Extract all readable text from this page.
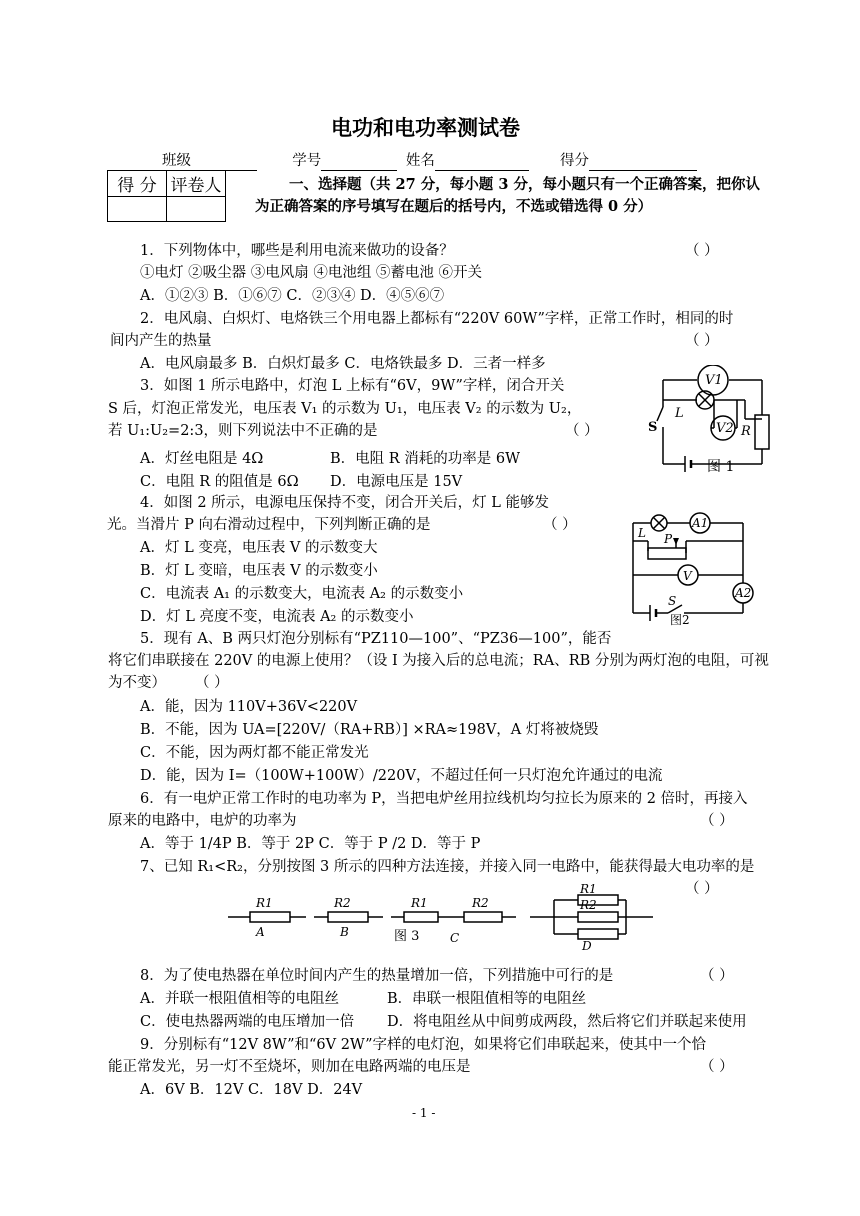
电功和电功率测试卷
班级	学号	姓名	得分
得 分	评卷人
		一、选择题（共 27 分，每小题 3 分，每小题只有一个正确答案，把你认
为正确答案的序号填写在题后的括号内，不选或错选得 0 分）
1．下列物体中，哪些是利用电流来做功的设备？	（ ）
①电灯 ②吸尘器 ③电风扇 ④电池组 ⑤蓄电池 ⑥开关
A．①②③ B．①⑥⑦ C．②③④ D．④⑤⑥⑦
2．电风扇、白炽灯、电烙铁三个用电器上都标有“220V 60W”字样，正常工作时，相同的时
间内产生的热量	（ ）
A．电风扇最多 B．白炽灯最多 C．电烙铁最多 D．三者一样多
3．如图 1 所示电路中，灯泡 L 上标有“6V，9W”字样，闭合开关
S 后，灯泡正常发光，电压表 V₁ 的示数为 U₁，电压表 V₂ 的示数为 U₂，
若 U₁:U₂=2:3，则下列说法中不正确的是	（ ）
A．灯丝电阻是 4Ω	B．电阻 R 消耗的功率是 6W
C．电阻 R 的阻值是 6Ω D．电源电压是 15V
V1
V2
L
R
S
图 1
4．如图 2 所示，电源电压保持不变，闭合开关后，灯 L 能够发
光。当滑片 P 向右滑动过程中，下列判断正确的是	（ ）
A．灯 L 变亮，电压表 V 的示数变大
B．灯 L 变暗，电压表 V 的示数变小
C．电流表 A₁ 的示数变大，电流表 A₂ 的示数变小
D．灯 L 亮度不变，电流表 A₂ 的示数变小
L P
A1
V
A2
S
图2
5．现有 A、B 两只灯泡分别标有“PZ110—100”、“PZ36—100”，能否
将它们串联接在 220V 的电源上使用？（设 I 为接入后的总电流；RA、RB 分别为两灯泡的电阻，可视
为不变） （ ）
A．能，因为 110V+36V<220V
B．不能，因为 UA=[220V/（RA+RB）] ×RA≈198V，A 灯将被烧毁
C．不能，因为两灯都不能正常发光
D．能，因为 I=（100W+100W）/220V，不超过任何一只灯泡允许通过的电流
6．有一电炉正常工作时的电功率为 P，当把电炉丝用拉线机均匀拉长为原来的 2 倍时，再接入
原来的电路中，电炉的功率为	（ ）
A．等于 1/4P B．等于 2P C．等于 P /2 D．等于 P
7、已知 R₁<R₂，分别按图 3 所示的四种方法连接，并接入同一电路中，能获得最大电功率的是
（ ）
R1	R2	R1	R2
R1
R2
A	B	C
D
图 3
8．为了使电热器在单位时间内产生的热量增加一倍，下列措施中可行的是	（ ）
A．并联一根阻值相等的电阻丝	B．串联一根阻值相等的电阻丝
C．使电热器两端的电压增加一倍 D．将电阻丝从中间剪成两段，然后将它们并联起来使用
9．分别标有“12V 8W”和“6V 2W”字样的电灯泡，如果将它们串联起来，使其中一个恰
能正常发光，另一灯不至烧坏，则加在电路两端的电压是	（ ）
A．6V B．12V C．18V D．24V
- 1 -
